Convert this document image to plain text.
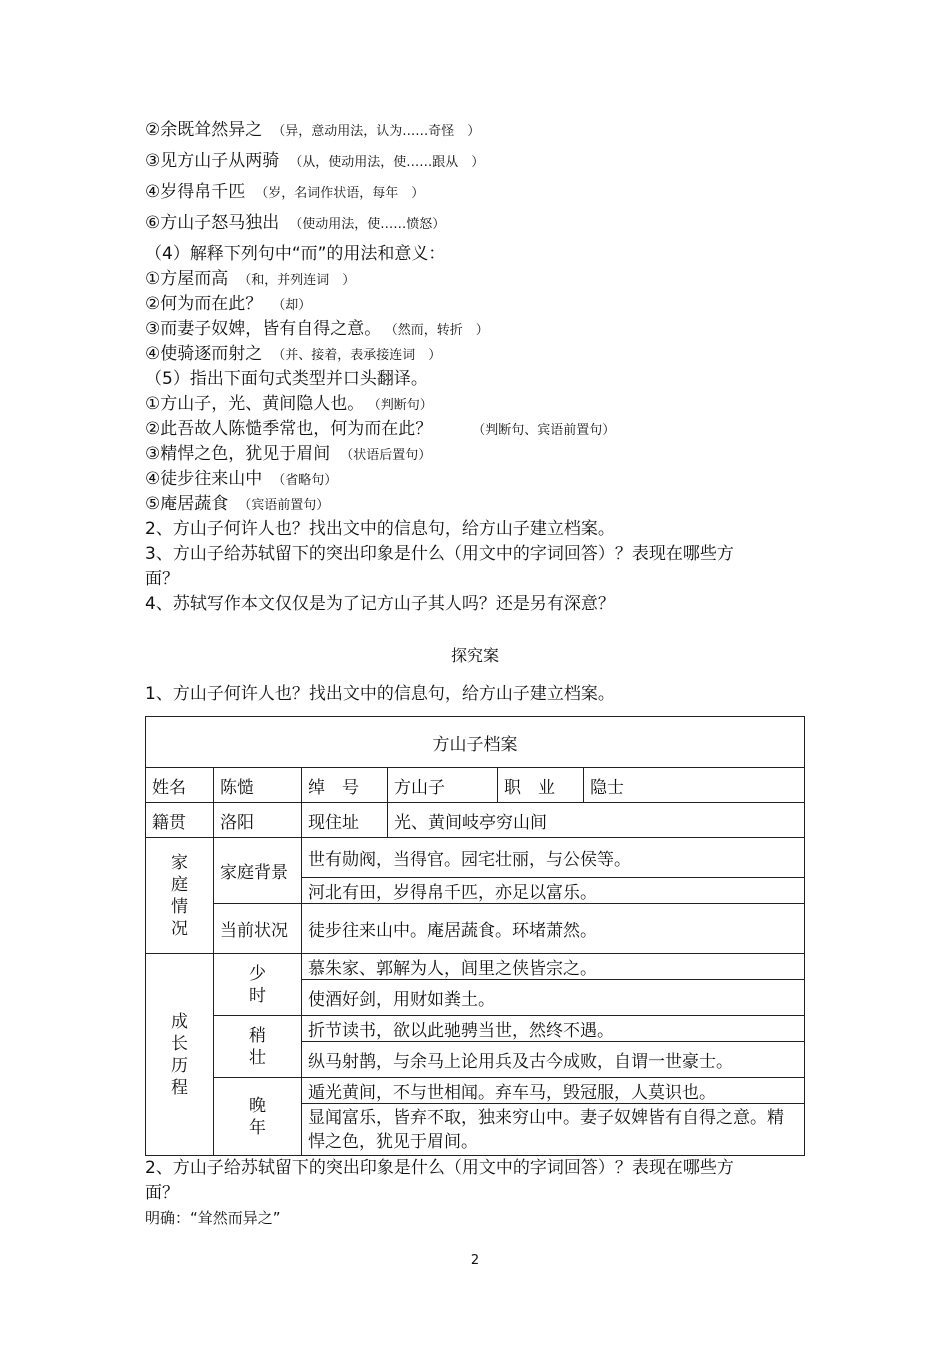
②余既耸然异之 （异，意动用法，认为……奇怪　）
③见方山子从两骑 （从，使动用法，使……跟从　）
④岁得帛千匹 （岁，名词作状语，每年　）
⑥方山子怒马独出 （使动用法，使……愤怒）
（4）解释下列句中“而”的用法和意义：
①方屋而高 （和，并列连词　）
②何为而在此？ （却）
③而妻子奴婢，皆有自得之意。 （然而，转折　）
④使骑逐而射之 （并、接着，表承接连词　）
（5）指出下面句式类型并口头翻译。
①方山子，光、黄间隐人也。 （判断句）
②此吾故人陈慥季常也，何为而在此？	（判断句、宾语前置句）
③精悍之色，犹见于眉间 （状语后置句）
④徒步往来山中 （省略句）
⑤庵居蔬食 （宾语前置句）
2、方山子何许人也？找出文中的信息句，给方山子建立档案。
3、方山子给苏轼留下的突出印象是什么（用文中的字词回答）？表现在哪些方
面？
4、苏轼写作本文仅仅是为了记方山子其人吗？还是另有深意？
探究案
1、方山子何许人也？找出文中的信息句，给方山子建立档案。
方山子档案					
姓名	陈慥	绰　号	方山子	职　业	隐士
籍贯	洛阳	现住址	光、黄间岐亭穷山间		

家庭情况	家庭背景	世有勋阀，当得官。园宅壮丽，与公侯等。			
		河北有田，岁得帛千匹，亦足以富乐。			
	当前状况	徒步往来山中。庵居蔬食。环堵萧然。			

成长历程	少时	慕朱家、郭解为人，闾里之侠皆宗之。			
		使酒好剑，用财如粪土。			

	稍壮	折节读书，欲以此驰骋当世，然终不遇。			
		纵马射鹊，与余马上论用兵及古今成败，自谓一世豪士。			

	晚年	遁光黄间，不与世相闻。弃车马，毁冠服，人莫识也。			
		显闻富乐，皆弃不取，独来穷山中。妻子奴婢皆有自得之意。精悍之色，犹见于眉间。			
2、方山子给苏轼留下的突出印象是什么（用文中的字词回答）？表现在哪些方
面？
明确：“耸然而异之”
2
